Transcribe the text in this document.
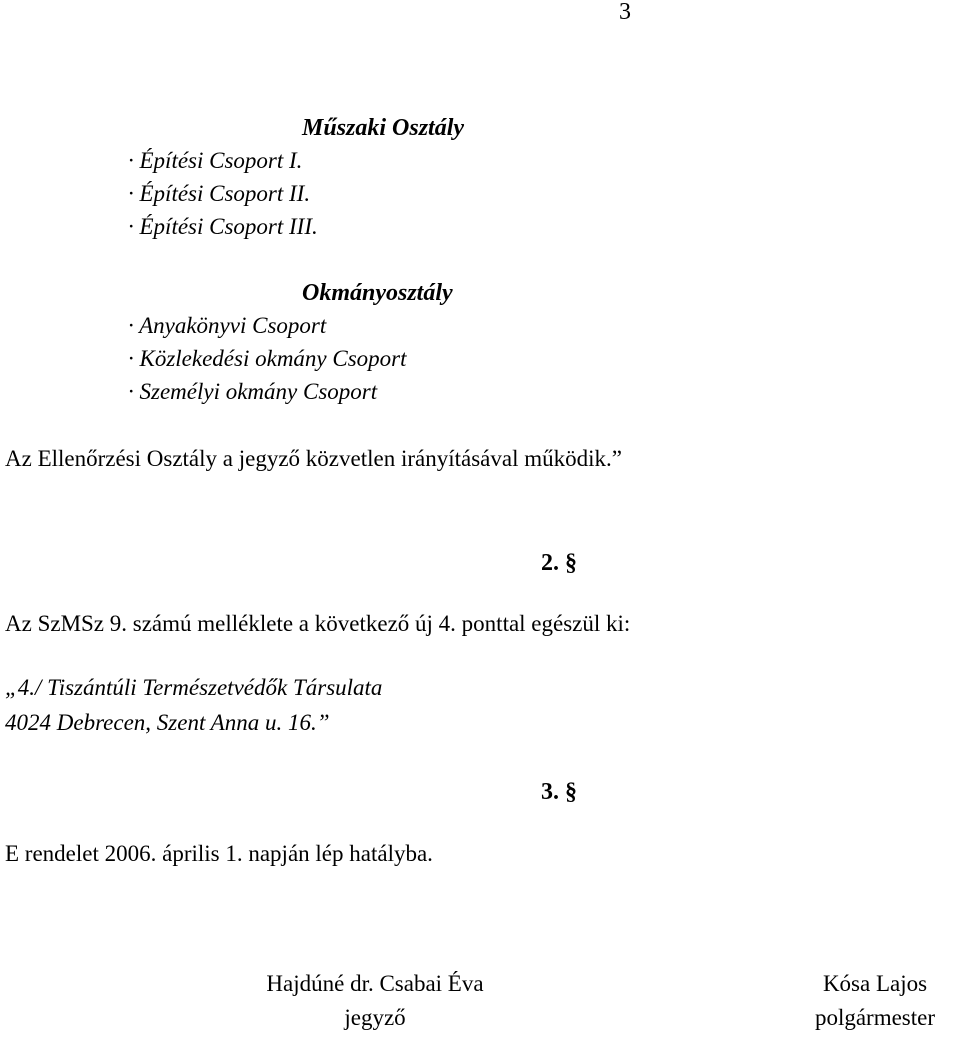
3
Műszaki Osztály
· Építési Csoport I.
· Építési Csoport II.
· Építési Csoport III.
Okmányosztály
· Anyakönyvi Csoport
· Közlekedési okmány Csoport
· Személyi okmány Csoport
Az Ellenőrzési Osztály a jegyző közvetlen irányításával működik.”
2. §
Az SzMSz 9. számú melléklete a következő új 4. ponttal egészül ki:
„4./ Tiszántúli Természetvédők Társulata
4024 Debrecen, Szent Anna u. 16.”
3. §
E rendelet 2006. április 1. napján lép hatályba.
Hajdúné dr. Csabai Éva
jegyző
Kósa Lajos
polgármester
